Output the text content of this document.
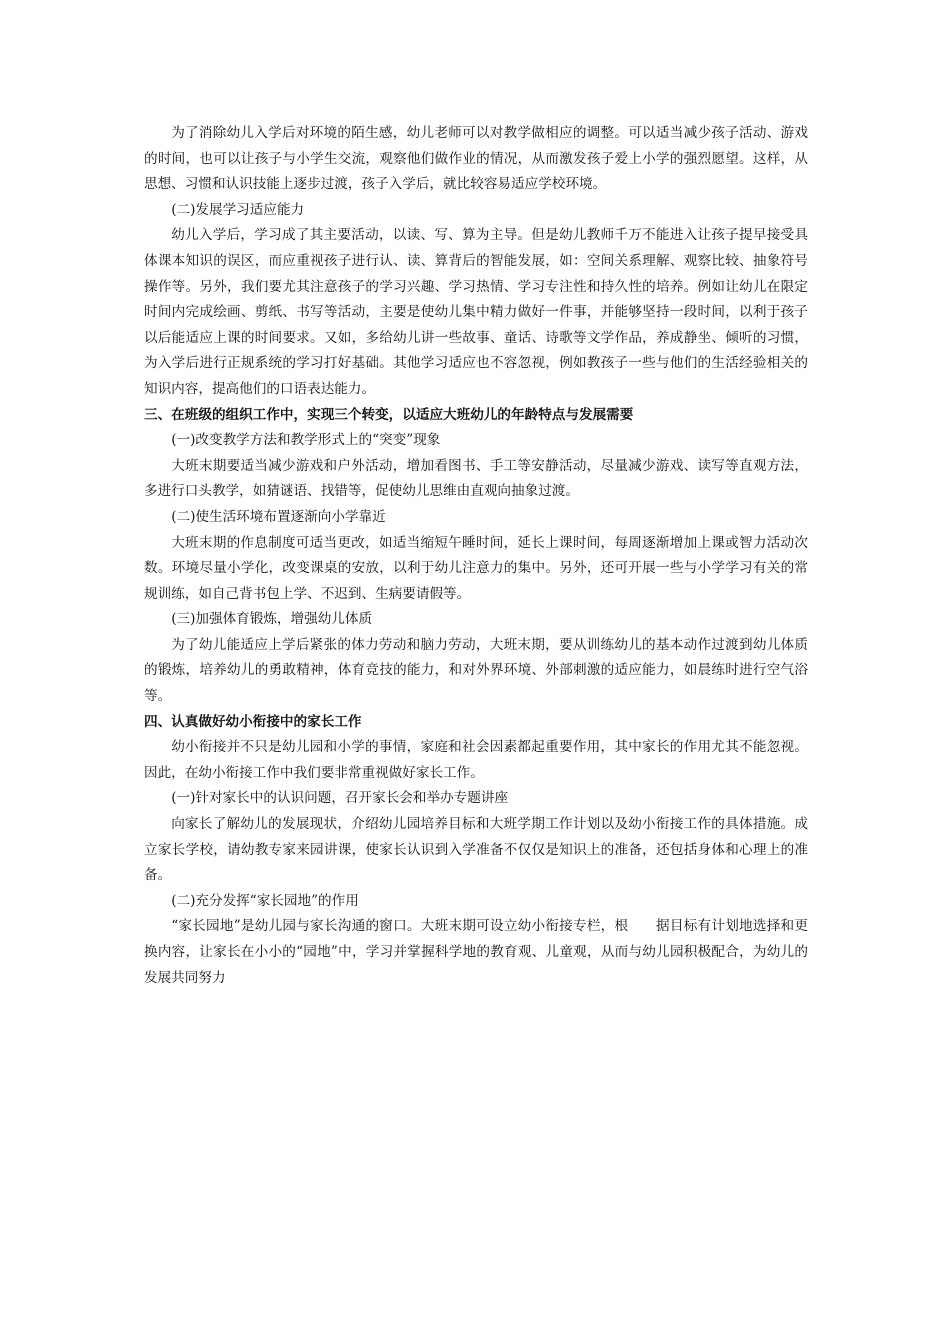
为了消除幼儿入学后对环境的陌生感，幼儿老师可以对教学做相应的调整。可以适当减少孩子活动、游戏的时间，也可以让孩子与小学生交流，观察他们做作业的情况，从而激发孩子爱上小学的强烈愿望。这样，从思想、习惯和认识技能上逐步过渡，孩子入学后，就比较容易适应学校环境。

(二)发展学习适应能力

幼儿入学后，学习成了其主要活动，以读、写、算为主导。但是幼儿教师千万不能进入让孩子提早接受具体课本知识的误区，而应重视孩子进行认、读、算背后的智能发展，如：空间关系理解、观察比较、抽象符号操作等。另外，我们要尤其注意孩子的学习兴趣、学习热情、学习专注性和持久性的培养。例如让幼儿在限定时间内完成绘画、剪纸、书写等活动，主要是使幼儿集中精力做好一件事，并能够坚持一段时间，以利于孩子以后能适应上课的时间要求。又如，多给幼儿讲一些故事、童话、诗歌等文学作品，养成静坐、倾听的习惯，为入学后进行正规系统的学习打好基础。其他学习适应也不容忽视，例如教孩子一些与他们的生活经验相关的知识内容，提高他们的口语表达能力。

三、在班级的组织工作中，实现三个转变，以适应大班幼儿的年龄特点与发展需要

(一)改变教学方法和教学形式上的“突变”现象

大班末期要适当减少游戏和户外活动，增加看图书、手工等安静活动，尽量减少游戏、读写等直观方法，多进行口头教学，如猜谜语、找错等，促使幼儿思维由直观向抽象过渡。

(二)使生活环境布置逐渐向小学靠近

大班末期的作息制度可适当更改，如适当缩短午睡时间，延长上课时间，每周逐渐增加上课或智力活动次数。环境尽量小学化，改变课桌的安放，以利于幼儿注意力的集中。另外，还可开展一些与小学学习有关的常规训练，如自己背书包上学、不迟到、生病要请假等。

(三)加强体育锻炼，增强幼儿体质

为了幼儿能适应上学后紧张的体力劳动和脑力劳动，大班末期，要从训练幼儿的基本动作过渡到幼儿体质的锻炼，培养幼儿的勇敢精神，体育竞技的能力，和对外界环境、外部刺激的适应能力，如晨练时进行空气浴等。

四、认真做好幼小衔接中的家长工作

幼小衔接并不只是幼儿园和小学的事情，家庭和社会因素都起重要作用，其中家长的作用尤其不能忽视。因此，在幼小衔接工作中我们要非常重视做好家长工作。

(一)针对家长中的认识问题，召开家长会和举办专题讲座

向家长了解幼儿的发展现状，介绍幼儿园培养目标和大班学期工作计划以及幼小衔接工作的具体措施。成立家长学校，请幼教专家来园讲课，使家长认识到入学准备不仅仅是知识上的准备，还包括身体和心理上的准备。

(二)充分发挥“家长园地”的作用

“家长园地”是幼儿园与家长沟通的窗口。大班末期可设立幼小衔接专栏，根　　据目标有计划地选择和更换内容，让家长在小小的“园地”中，学习并掌握科学地的教育观、儿童观，从而与幼儿园积极配合，为幼儿的发展共同努力
